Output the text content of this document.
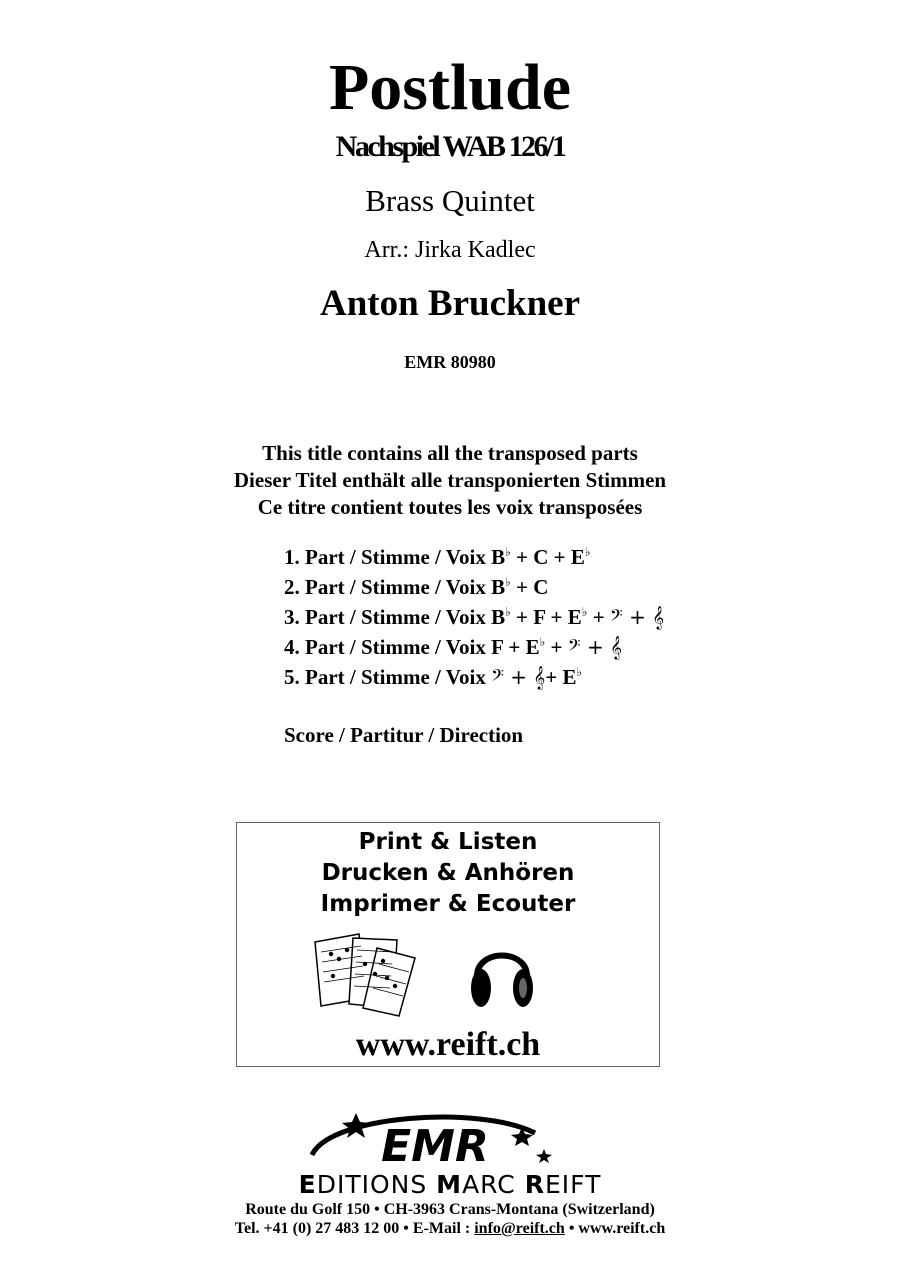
Postlude
Nachspiel WAB 126/1
Brass Quintet
Arr.: Jirka Kadlec
Anton Bruckner
EMR 80980
This title contains all the transposed parts
Dieser Titel enthält alle transponierten Stimmen
Ce titre contient toutes les voix transposées
1. Part / Stimme / Voix B♭ + C + E♭
2. Part / Stimme / Voix B♭ + C
3. Part / Stimme / Voix B♭ + F + E♭ + 𝄢 + 𝄞
4. Part / Stimme / Voix F + E♭ + 𝄢 + 𝄞
5. Part / Stimme / Voix 𝄢 + 𝄞+ E♭
Score / Partitur / Direction
Print & Listen
Drucken & Anhören
Imprimer & Ecouter
www.reift.ch
EMR
EDITIONS MARC REIFT
Route du Golf 150 • CH-3963 Crans-Montana (Switzerland)
Tel. +41 (0) 27 483 12 00 • E-Mail : info@reift.ch • www.reift.ch
